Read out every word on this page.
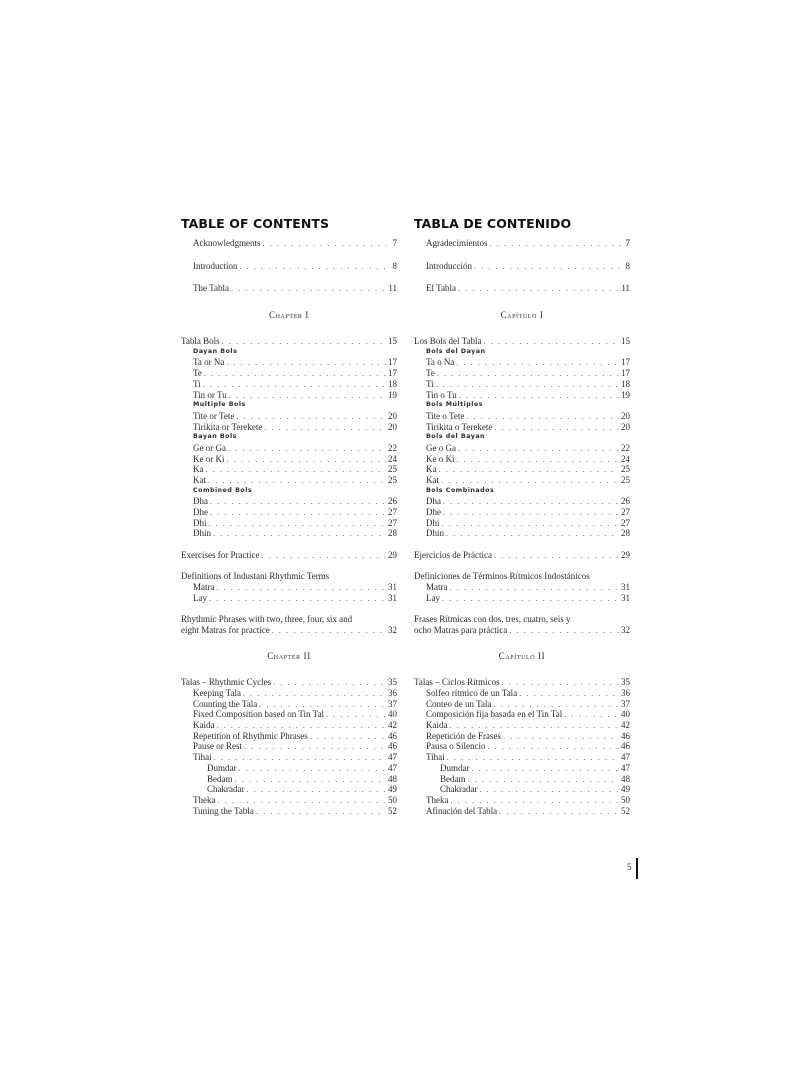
TABLE OF CONTENTS
Acknowledgments . . .	7
Introduction . . .	8
The Tabla . . .	11
Chapter I
Tabla Bols . . .	15
Dayan Bols
Ta or Na . . .	17
Te . . .	17
Ti . . .	18
Tin or Tu . . .	19
Multiple Bols
Tite or Tete . . .	20
Tirikita or Terekete . . .	20
Bayan Bols
Ge or Ga . . .	22
Ke or Ki . . .	24
Ka . . .	25
Kat . . .	25
Combined Bols
Dha . . .	26
Dhe . . .	27
Dhi . . .	27
Dhin . . .	28
Exercises for Practice . . .	29
Definitions of Industani Rhythmic Terms
Matra . . .	31
Lay . . .	31
Rhythmic Phrases with two, three, four, six and
eight Matras for practice . . .	32
Chapter II
Talas – Rhythmic Cycles . . .	35
Keeping Tala . . .	36
Counting the Tala . . .	37
Fixed Composition based on Tin Tal . . .	40
Kaida . . .	42
Repetition of Rhythmic Phrases . . .	46
Pause or Rest . . .	46
Tihai . . .	47
Dumdar . . .	47
Bedam . . .	48
Chakradar . . .	49
Theka . . .	50
Tuning the Tabla . . .	52
TABLA DE CONTENIDO
Agradecimientos . . .	7
Introducción . . .	8
El Tabla . . .	11
Capítulo I
Los Bols del Tabla . . .	15
Bols del Dayan
Ta o Na . . .	17
Te . . .	17
Ti . . .	18
Tin o Tu . . .	19
Bols Múltiples
Tite o Tete . . .	20
Tirikita o Terekete . . .	20
Bols del Bayan
Ge o Ga . . .	22
Ke o Ki . . .	24
Ka . . .	25
Kat . . .	25
Bols Combinados
Dha . . .	26
Dhe . . .	27
Dhi . . .	27
Dhin . . .	28
Ejercicios de Práctica . . .	29
Definiciones de Términos Rítmicos Indostánicos
Matra . . .	31
Lay . . .	31
Frases Rítmicas con dos, tres, cuatro, seis y
ocho Matras para práctica . . .	32
Capítulo II
Talas – Ciclos Rítmicos . . .	35
Solfeo rítmico de un Tala . . .	36
Conteo de un Tala . . .	37
Composición fija basada en el Tin Tal . . .	40
Kaida . . .	42
Repetición de Frases . . .	46
Pausa o Silencio . . .	46
Tihai . . .	47
Dumdar . . .	47
Bedam . . .	48
Chakradar . . .	49
Theka . . .	50
Afinación del Tabla . . .	52
5
